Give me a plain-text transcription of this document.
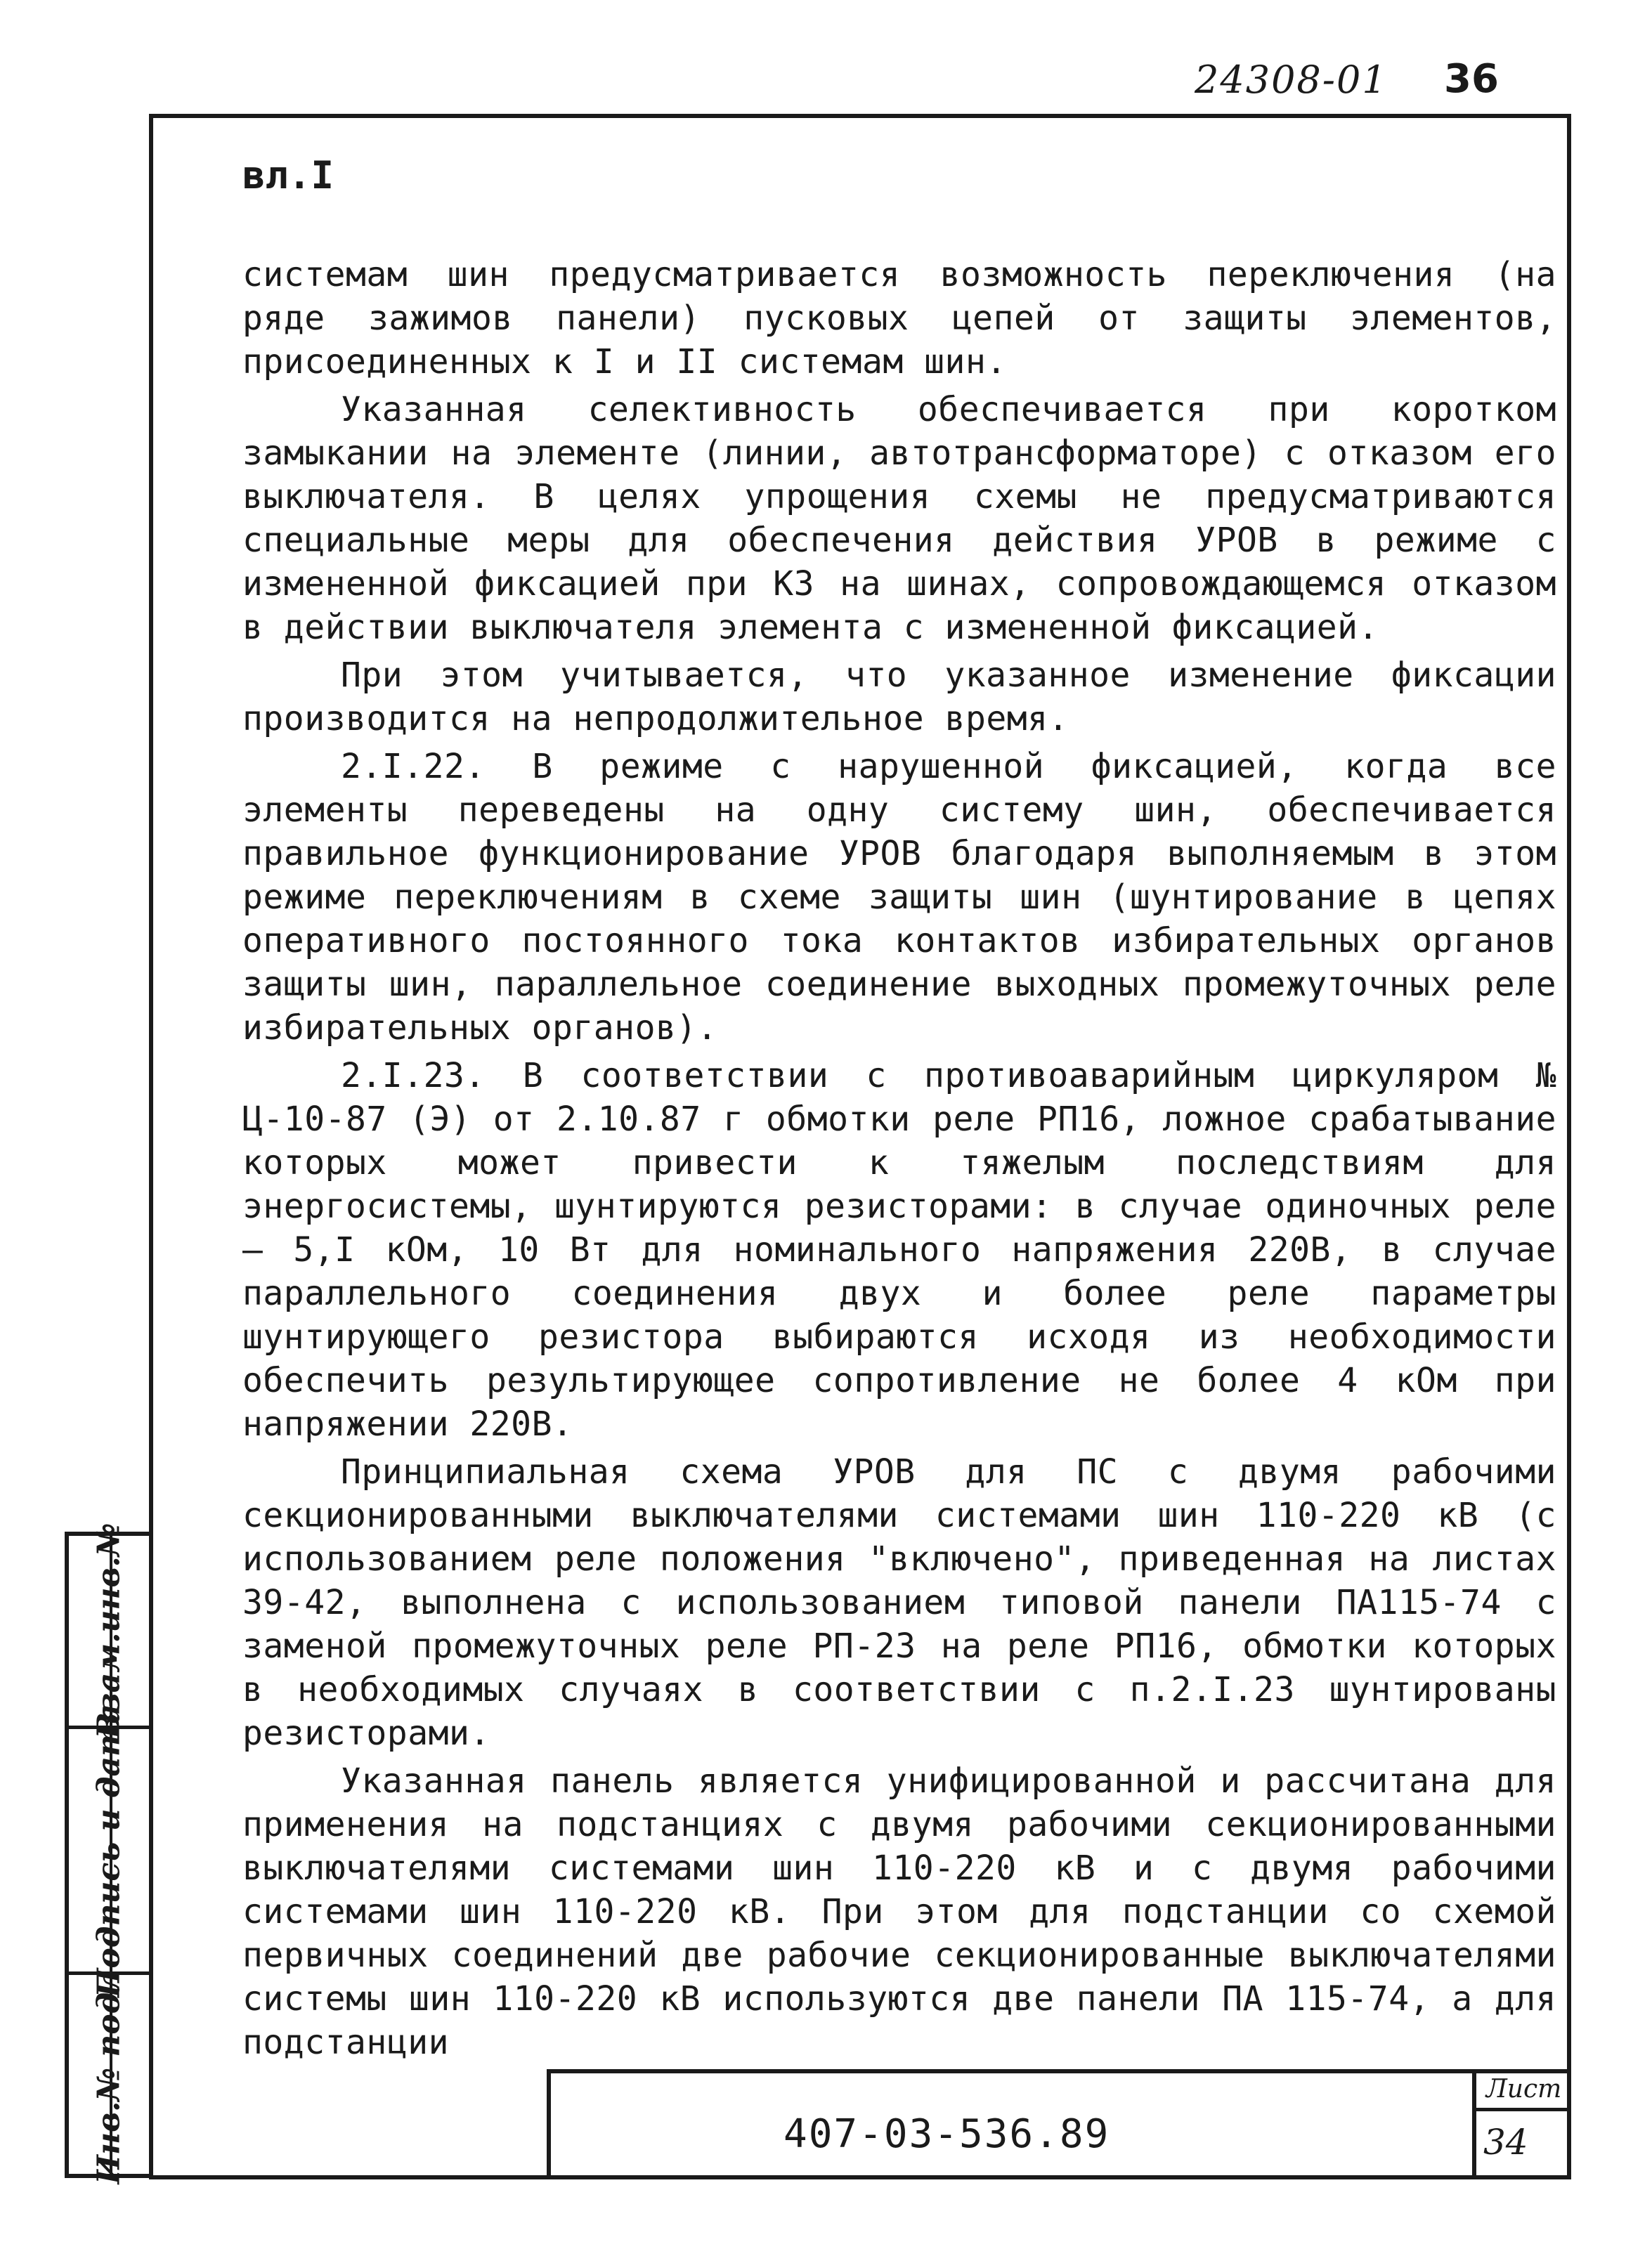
24308-01 36
вл.I

системам шин предусматривается возможность переключения (на ряде зажимов панели) пусковых цепей от защиты элементов, присоединенных к I и II системам шин.

Указанная селективность обеспечивается при коротком замыкании на элементе (линии, автотрансформаторе) с отказом его выключателя. В целях упрощения схемы не предусматриваются специальные меры для обеспечения действия УРОВ в режиме с измененной фиксацией при КЗ на шинах, сопровождающемся отказом в действии выключателя элемента с измененной фиксацией.

При этом учитывается, что указанное изменение фиксации производится на непродолжительное время.

2.I.22. В режиме с нарушенной фиксацией, когда все элементы переведены на одну систему шин, обеспечивается правильное функционирование УРОВ благодаря выполняемым в этом режиме переключениям в схеме защиты шин (шунтирование в цепях оперативного постоянного тока контактов избирательных органов защиты шин, параллельное соединение выходных промежуточных реле избирательных органов).

2.I.23. В соответствии с противоаварийным циркуляром № Ц-10-87 (Э) от 2.10.87 г обмотки реле РП16, ложное срабатывание которых может привести к тяжелым последствиям для энергосистемы, шунтируются резисторами: в случае одиночных реле – 5,I кОм, 10 Вт для номинального напряжения 220В, в случае параллельного соединения двух и более реле параметры шунтирующего резистора выбираются исходя из необходимости обеспечить результирующее сопротивление не более 4 кОм при напряжении 220В.

Принципиальная схема УРОВ для ПС с двумя рабочими секционированными выключателями системами шин 110-220 кВ (с использованием реле положения "включено", приведенная на листах 39-42, выполнена с использованием типовой панели ПА115-74 с заменой промежуточных реле РП-23 на реле РП16, обмотки которых в необходимых случаях в соответствии с п.2.I.23 шунтированы резисторами.

Указанная панель является унифицированной и рассчитана для применения на подстанциях с двумя рабочими секционированными выключателями системами шин 110-220 кВ и с двумя рабочими системами шин 110-220 кВ. При этом для подстанции со схемой первичных соединений две рабочие секционированные выключателями системы шин 110-220 кВ используются две панели ПА 115-74, а для подстанции

Взам.инв.№
Подпись и дата
Инв.№ подл	407-03-536.89
Лист
34
